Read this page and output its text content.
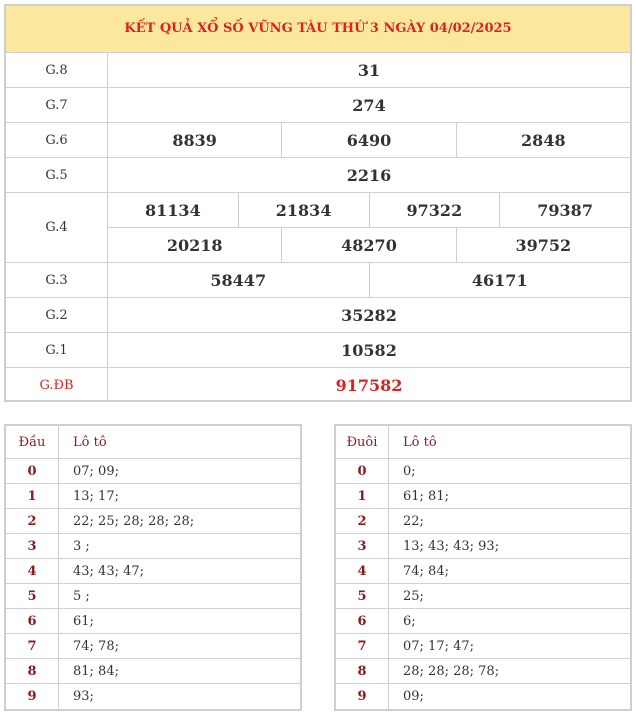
KẾT QUẢ XỔ SỐ VŨNG TÀU THỨ 3 NGÀY 04/02/2025
G.8	31
G.7	274
G.6	8839	6490	2848
G.5	2216
G.4
81134	21834	97322	79387
20218	48270	39752
G.3	58447	46171
G.2	35282
G.1	10582
G.ĐB	917582
Đầu	Lô tô
0	07; 09;
1	13; 17;
2	22; 25; 28; 28; 28;
3	3 ;
4	43; 43; 47;
5	5 ;
6	61;
7	74; 78;
8	81; 84;
9	93;
Đuôi	Lô tô
0	0;
1	61; 81;
2	22;
3	13; 43; 43; 93;
4	74; 84;
5	25;
6	6;
7	07; 17; 47;
8	28; 28; 28; 78;
9	09;
